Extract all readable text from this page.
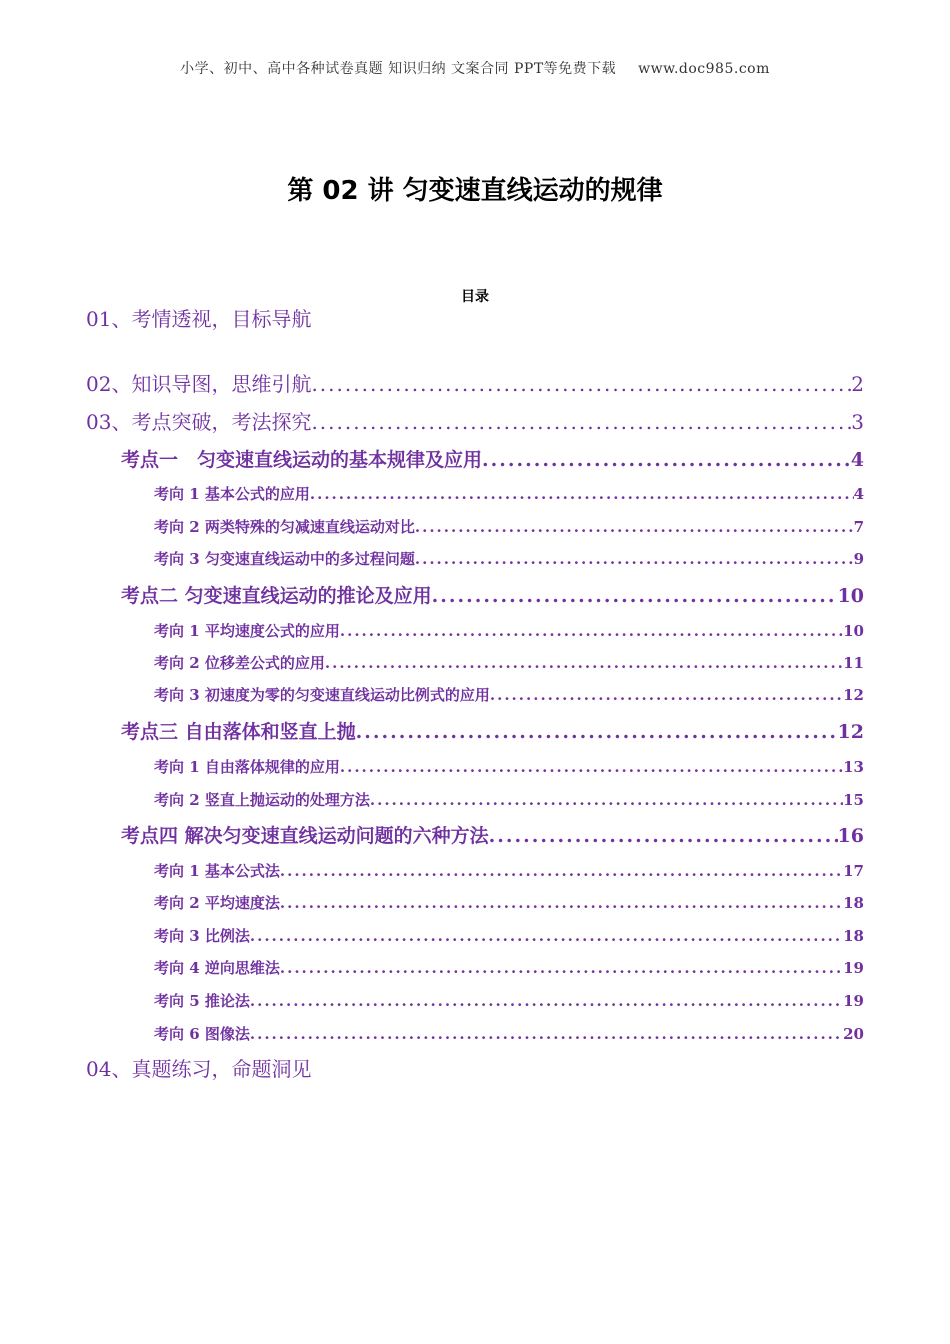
小学、初中、高中各种试卷真题 知识归纳 文案合同 PPT等免费下载 www.doc985.com
第 02 讲 匀变速直线运动的规律
目录
01、考情透视，目标导航
02、知识导图，思维引航 .....	2
03、考点突破，考法探究 .....	3
考点一　匀变速直线运动的基本规律及应用 .....	4
考向 1 基本公式的应用 .....	4
考向 2 两类特殊的匀减速直线运动对比 .....	7
考向 3 匀变速直线运动中的多过程问题 .....	9
考点二 匀变速直线运动的推论及应用 .....	10
考向 1 平均速度公式的应用 .....	10
考向 2 位移差公式的应用 .....	11
考向 3 初速度为零的匀变速直线运动比例式的应用 .....	12
考点三 自由落体和竖直上抛 .....	12
考向 1 自由落体规律的应用 .....	13
考向 2 竖直上抛运动的处理方法 .....	15
考点四 解决匀变速直线运动问题的六种方法 .....	16
考向 1 基本公式法 .....	17
考向 2 平均速度法 .....	18
考向 3 比例法 .....	18
考向 4 逆向思维法 .....	19
考向 5 推论法 .....	19
考向 6 图像法 .....	20
04、真题练习，命题洞见
